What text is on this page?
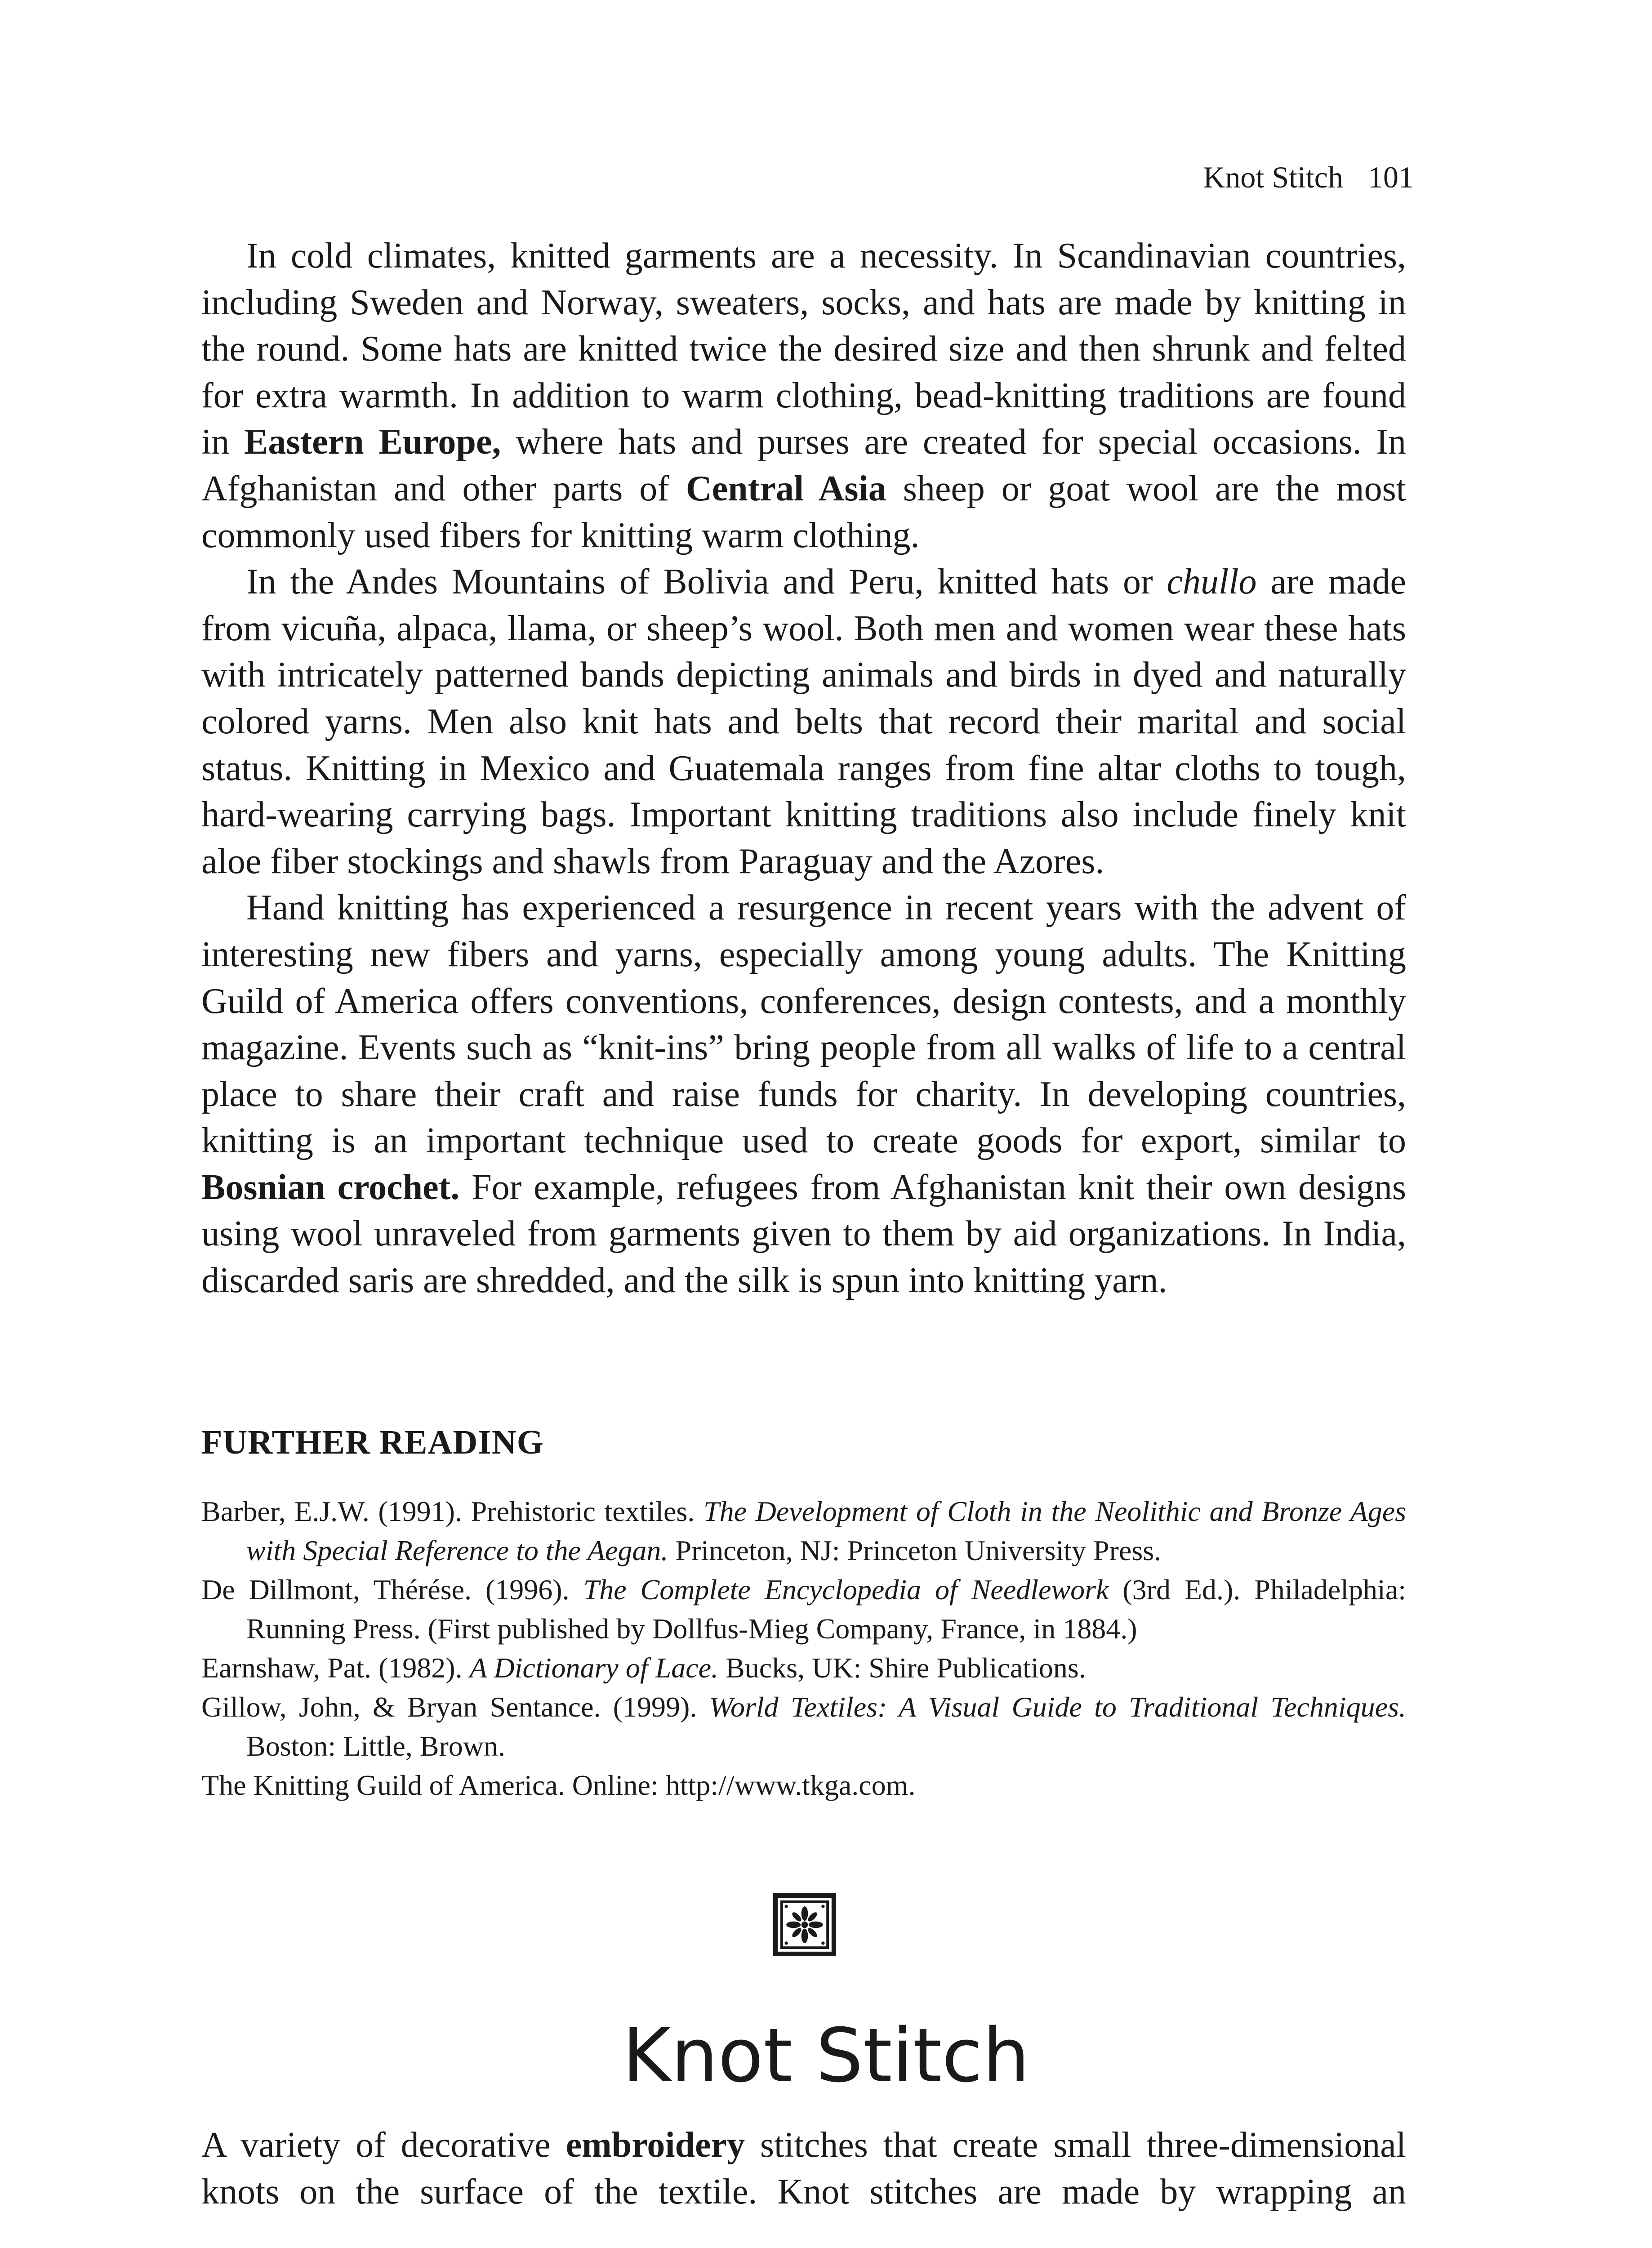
Knot Stitch 101

In cold climates, knitted garments are a necessity. In Scandinavian countries, including Sweden and Norway, sweaters, socks, and hats are made by knitting in the round. Some hats are knitted twice the desired size and then shrunk and felted for extra warmth. In addition to warm clothing, bead-knitting traditions are found in Eastern Europe, where hats and purses are created for special occasions. In Afghanistan and other parts of Central Asia sheep or goat wool are the most commonly used fibers for knitting warm clothing.

In the Andes Mountains of Bolivia and Peru, knitted hats or chullo are made from vicuña, alpaca, llama, or sheep’s wool. Both men and women wear these hats with intricately patterned bands depicting animals and birds in dyed and naturally colored yarns. Men also knit hats and belts that record their marital and social status. Knitting in Mexico and Guatemala ranges from fine altar cloths to tough, hard-wearing carrying bags. Important knitting traditions also include finely knit aloe fiber stockings and shawls from Paraguay and the Azores.

Hand knitting has experienced a resurgence in recent years with the advent of interesting new fibers and yarns, especially among young adults. The Knitting Guild of America offers conventions, conferences, design contests, and a monthly magazine. Events such as “knit-ins” bring people from all walks of life to a central place to share their craft and raise funds for charity. In developing countries, knitting is an important technique used to create goods for export, similar to Bosnian crochet. For example, refugees from Afghanistan knit their own designs using wool unraveled from garments given to them by aid organizations. In India, discarded saris are shredded, and the silk is spun into knitting yarn.

FURTHER READING

Barber, E.J.W. (1991). Prehistoric textiles. The Development of Cloth in the Neolithic and Bronze Ages with Special Reference to the Aegan. Princeton, NJ: Princeton University Press.

De Dillmont, Thérése. (1996). The Complete Encyclopedia of Needlework (3rd Ed.). Philadelphia: Running Press. (First published by Dollfus-Mieg Company, France, in 1884.)

Earnshaw, Pat. (1982). A Dictionary of Lace. Bucks, UK: Shire Publications.

Gillow, John, & Bryan Sentance. (1999). World Textiles: A Visual Guide to Traditional Techniques. Boston: Little, Brown.

The Knitting Guild of America. Online: http://www.tkga.com.

Knot Stitch

A variety of decorative embroidery stitches that create small three-dimensional knots on the surface of the textile. Knot stitches are made by wrapping an
